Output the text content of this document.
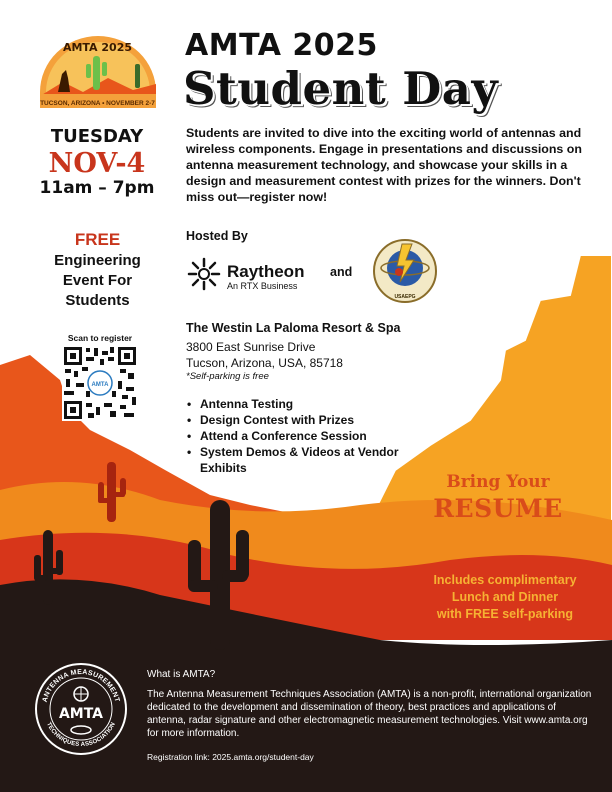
AMTA 2025
TUCSON, ARIZONA • NOVEMBER 2-7
AMTA 2025
Student Day
TUESDAY
NOV-4
11am – 7pm
Students are invited to dive into the exciting world of antennas and wireless components. Engage in presentations and discussions on antenna measurement technology, and showcase your skills in a design and measurement contest with prizes for the winners. Don't miss out—register now!
FREE
Engineering
Event For
Students
Hosted By
Raytheon
An RTX Business
and
USAEPG
Scan to register
AMTA
The Westin La Paloma Resort & Spa
3800 East Sunrise Drive
Tucson, Arizona, USA, 85718
*Self-parking is free
• Antenna Testing
• Design Contest with Prizes
• Attend a Conference Session
• System Demos & Videos at Vendor Exhibits
Bring Your
RESUME
Includes complimentary
Lunch and Dinner
with FREE self-parking
ANTENNA MEASUREMENT
TECHNIQUES ASSOCIATION
AMTA
What is AMTA?
The Antenna Measurement Techniques Association (AMTA) is a non-profit, international organization dedicated to the development and dissemination of theory, best practices and applications of antenna, radar signature and other electromagnetic measurement technologies. Visit www.amta.org for more information.
Registration link: 2025.amta.org/student-day
